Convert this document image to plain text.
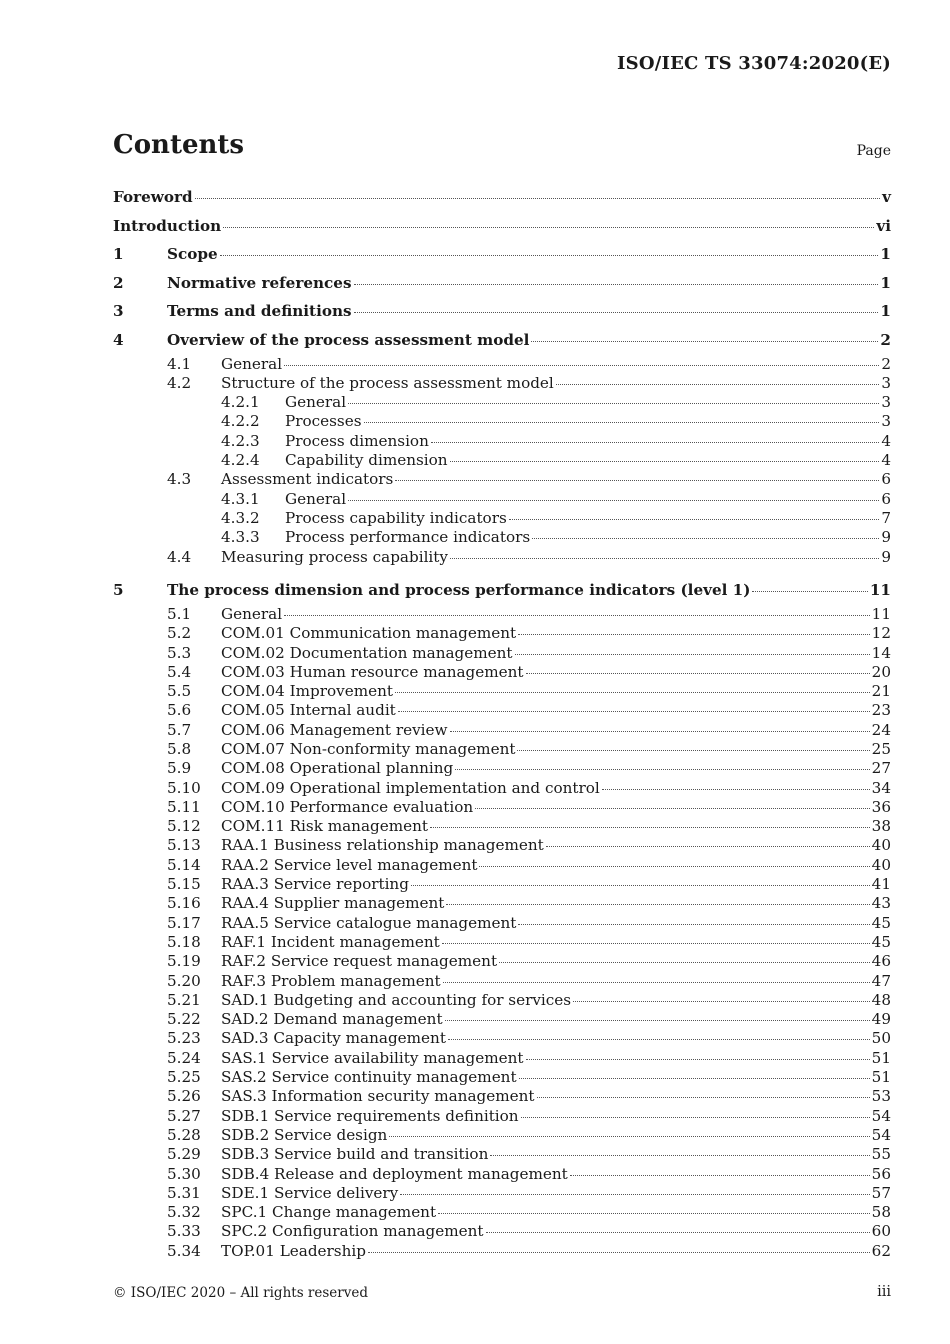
ISO/IEC TS 33074:2020(E)
Contents	Page
Foreword	v
Introduction	vi
1	Scope	1
2	Normative references	1
3	Terms and definitions	1
4	Overview of the process assessment model	2
4.1 General	2
4.2 Structure of the process assessment model	3
4.2.1 General	3
4.2.2 Processes	3
4.2.3 Process dimension	4
4.2.4 Capability dimension	4
4.3 Assessment indicators	6
4.3.1 General	6
4.3.2 Process capability indicators	7
4.3.3 Process performance indicators	9
4.4 Measuring process capability	9
5	The process dimension and process performance indicators (level 1)	11
5.1 General	11
5.2 COM.01 Communication management	12
5.3 COM.02 Documentation management	14
5.4 COM.03 Human resource management	20
5.5 COM.04 Improvement	21
5.6 COM.05 Internal audit	23
5.7 COM.06 Management review	24
5.8 COM.07 Non-conformity management	25
5.9 COM.08 Operational planning	27
5.10 COM.09 Operational implementation and control	34
5.11 COM.10 Performance evaluation	36
5.12 COM.11 Risk management	38
5.13 RAA.1 Business relationship management	40
5.14 RAA.2 Service level management	40
5.15 RAA.3 Service reporting	41
5.16 RAA.4 Supplier management	43
5.17 RAA.5 Service catalogue management	45
5.18 RAF.1 Incident management	45
5.19 RAF.2 Service request management	46
5.20 RAF.3 Problem management	47
5.21 SAD.1 Budgeting and accounting for services	48
5.22 SAD.2 Demand management	49
5.23 SAD.3 Capacity management	50
5.24 SAS.1 Service availability management	51
5.25 SAS.2 Service continuity management	51
5.26 SAS.3 Information security management	53
5.27 SDB.1 Service requirements definition	54
5.28 SDB.2 Service design	54
5.29 SDB.3 Service build and transition	55
5.30 SDB.4 Release and deployment management	56
5.31 SDE.1 Service delivery	57
5.32 SPC.1 Change management	58
5.33 SPC.2 Configuration management	60
5.34 TOP.01 Leadership	62
© ISO/IEC 2020 – All rights reserved	iii
